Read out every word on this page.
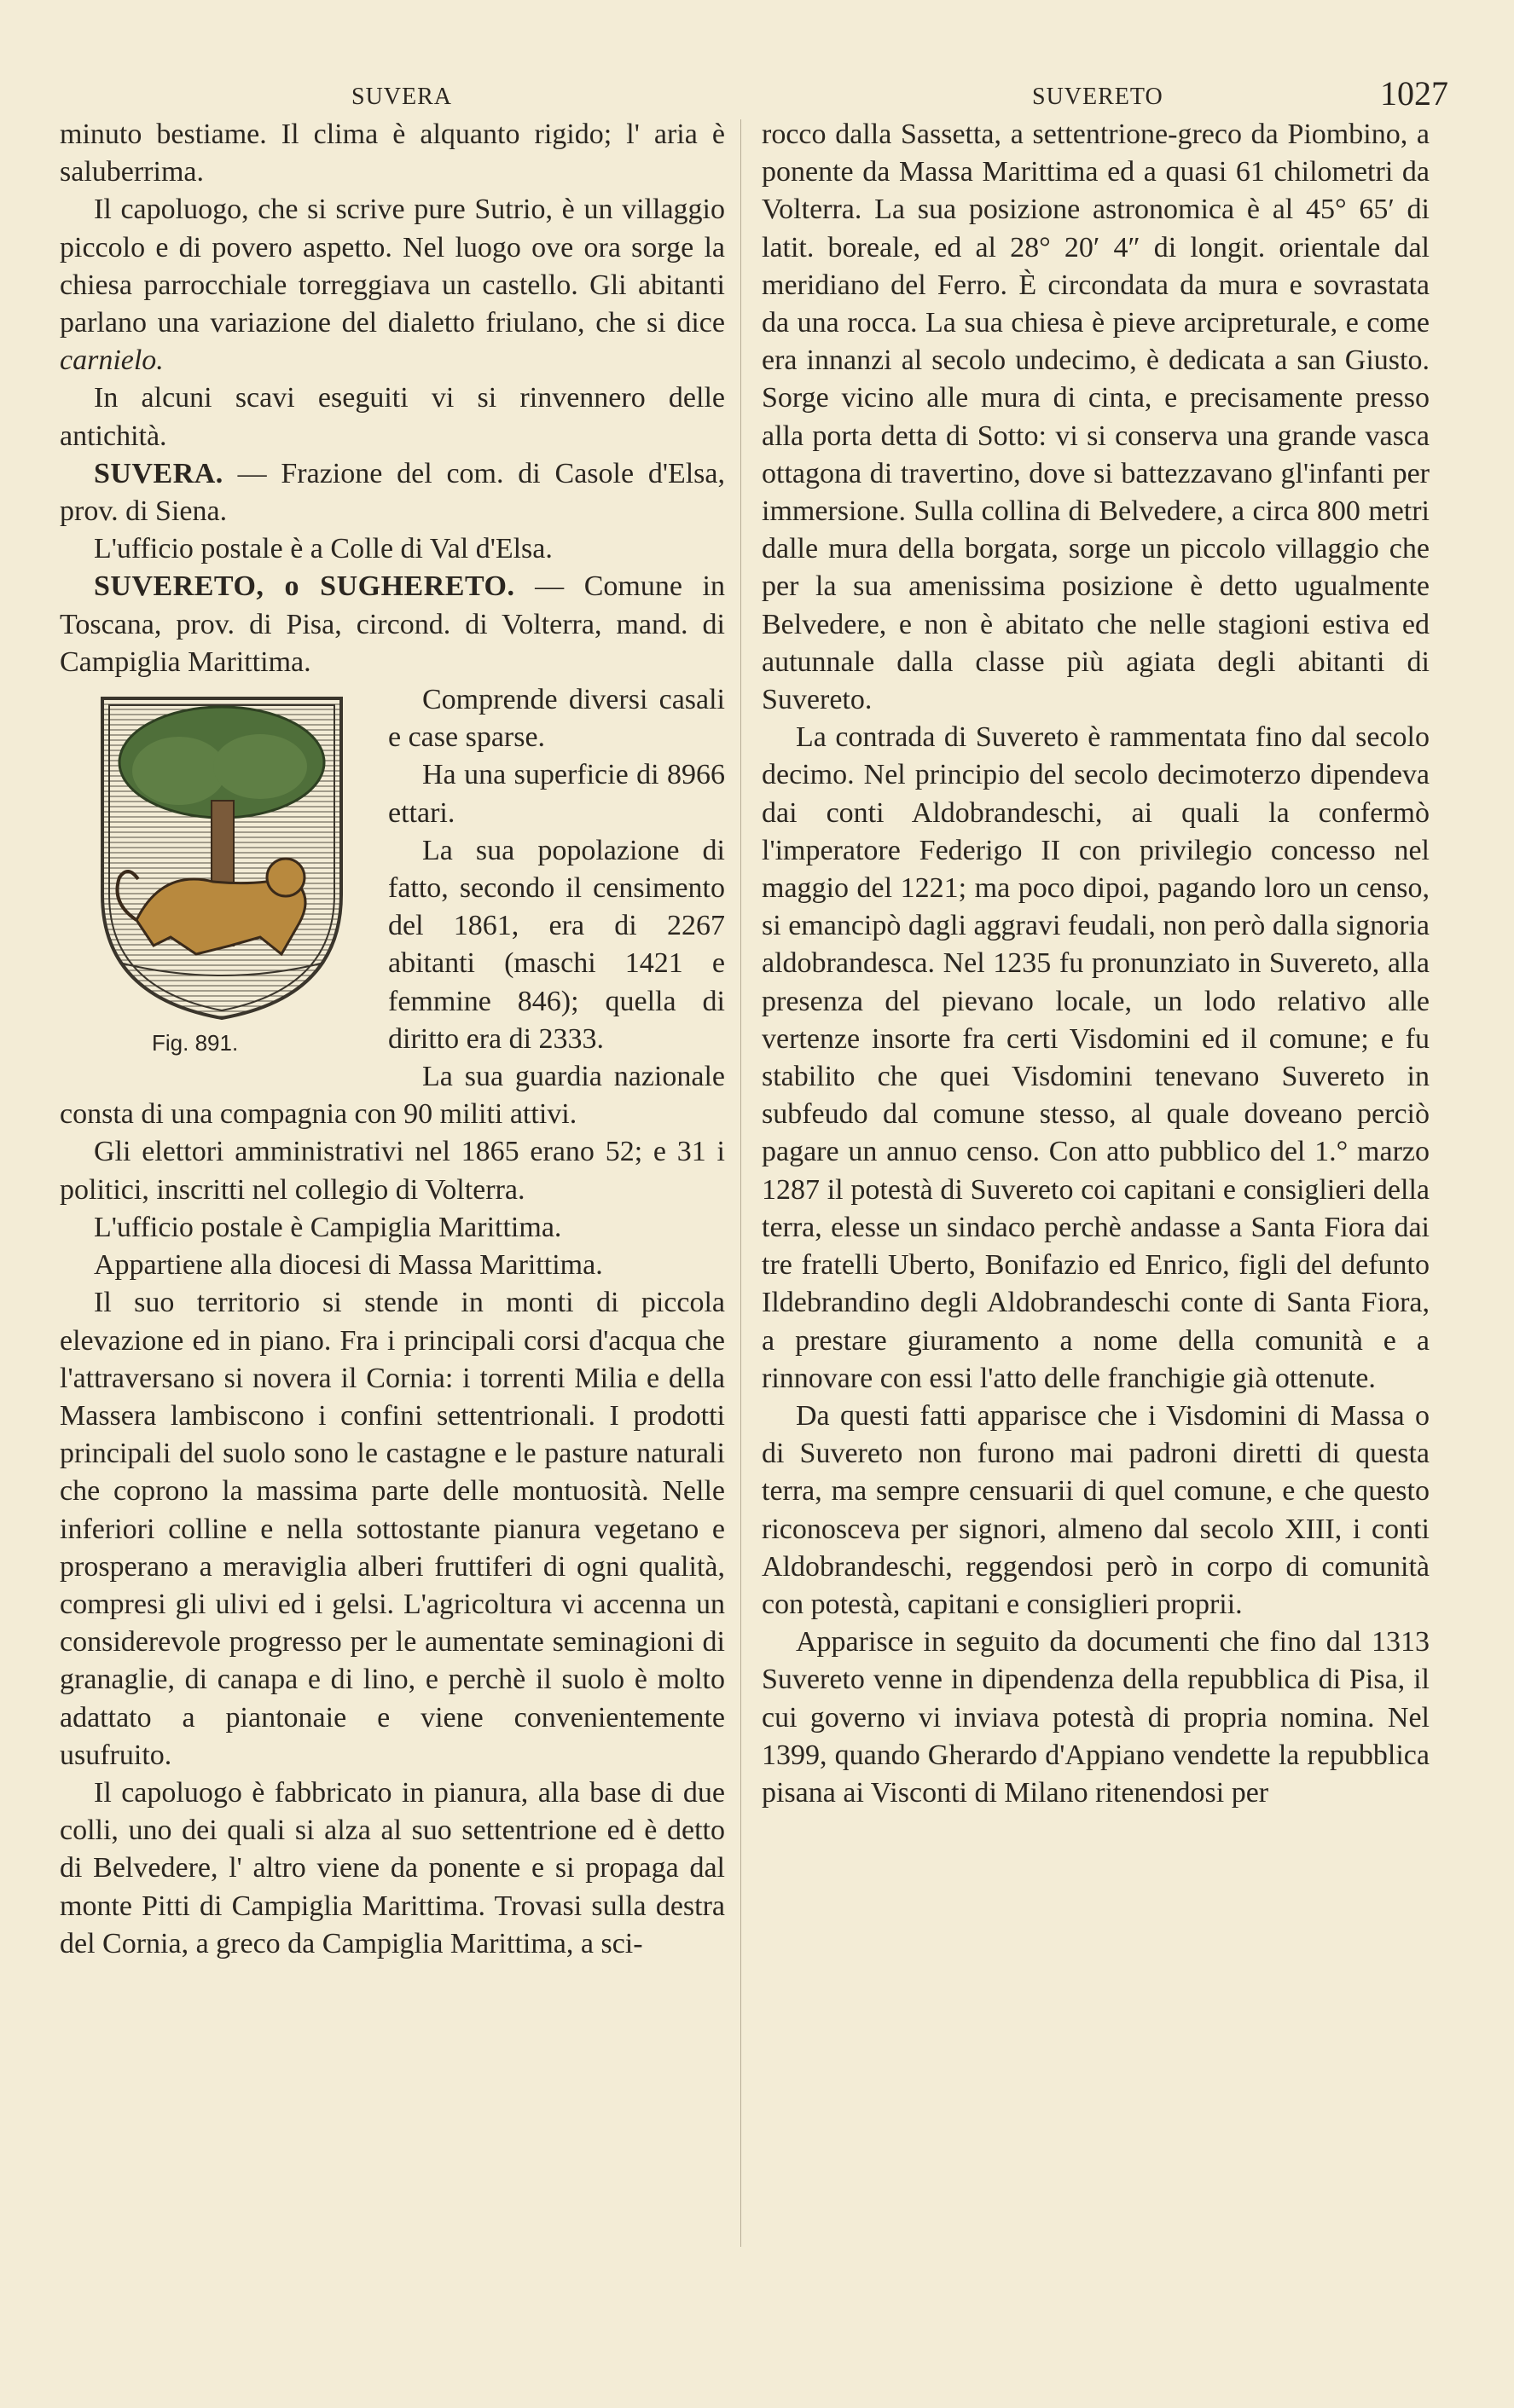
SUVERA	SUVERETO	1027

minuto bestiame. Il clima è alquanto rigido; l' aria è saluberrima.

Il capoluogo, che si scrive pure Sutrio, è un villaggio piccolo e di povero aspetto. Nel luogo ove ora sorge la chiesa parrocchiale torreggiava un castello. Gli abitanti parlano una variazione del dialetto friulano, che si dice carnielo.

In alcuni scavi eseguiti vi si rinvennero delle antichità.

SUVERA. — Frazione del com. di Casole d'Elsa, prov. di Siena.

L'ufficio postale è a Colle di Val d'Elsa.

SUVERETO, o SUGHERETO. — Comune in Toscana, prov. di Pisa, circond. di Volterra, mand. di Campiglia Marittima.

Fig. 891.

Comprende diversi casali e case sparse.

Ha una superficie di 8966 ettari.

La sua popolazione di fatto, secondo il censimento del 1861, era di 2267 abitanti (maschi 1421 e femmine 846); quella di diritto era di 2333.

La sua guardia nazionale consta di una compagnia con 90 militi attivi.

Gli elettori amministrativi nel 1865 erano 52; e 31 i politici, inscritti nel collegio di Volterra.

L'ufficio postale è Campiglia Marittima.

Appartiene alla diocesi di Massa Marittima.

Il suo territorio si stende in monti di piccola elevazione ed in piano. Fra i principali corsi d'acqua che l'attraversano si novera il Cornia: i torrenti Milia e della Massera lambiscono i confini settentrionali. I prodotti principali del suolo sono le castagne e le pasture naturali che coprono la massima parte delle montuosità. Nelle inferiori colline e nella sottostante pianura vegetano e prosperano a meraviglia alberi fruttiferi di ogni qualità, compresi gli ulivi ed i gelsi. L'agricoltura vi accenna un considerevole progresso per le aumentate seminagioni di granaglie, di canapa e di lino, e perchè il suolo è molto adattato a piantonaie e viene convenientemente usufruito.

Il capoluogo è fabbricato in pianura, alla base di due colli, uno dei quali si alza al suo settentrione ed è detto di Belvedere, l' altro viene da ponente e si propaga dal monte Pitti di Campiglia Marittima. Trovasi sulla destra del Cornia, a greco da Campiglia Marittima, a sci-

rocco dalla Sassetta, a settentrione-greco da Piombino, a ponente da Massa Marittima ed a quasi 61 chilometri da Volterra. La sua posizione astronomica è al 45° 65′ di latit. boreale, ed al 28° 20′ 4″ di longit. orientale dal meridiano del Ferro. È circondata da mura e sovrastata da una rocca. La sua chiesa è pieve arcipreturale, e come era innanzi al secolo undecimo, è dedicata a san Giusto. Sorge vicino alle mura di cinta, e precisamente presso alla porta detta di Sotto: vi si conserva una grande vasca ottagona di travertino, dove si battezzavano gl'infanti per immersione. Sulla collina di Belvedere, a circa 800 metri dalle mura della borgata, sorge un piccolo villaggio che per la sua amenissima posizione è detto ugualmente Belvedere, e non è abitato che nelle stagioni estiva ed autunnale dalla classe più agiata degli abitanti di Suvereto.

La contrada di Suvereto è rammentata fino dal secolo decimo. Nel principio del secolo decimoterzo dipendeva dai conti Aldobrandeschi, ai quali la confermò l'imperatore Federigo II con privilegio concesso nel maggio del 1221; ma poco dipoi, pagando loro un censo, si emancipò dagli aggravi feudali, non però dalla signoria aldobrandesca. Nel 1235 fu pronunziato in Suvereto, alla presenza del pievano locale, un lodo relativo alle vertenze insorte fra certi Visdomini ed il comune; e fu stabilito che quei Visdomini tenevano Suvereto in subfeudo dal comune stesso, al quale doveano perciò pagare un annuo censo. Con atto pubblico del 1.° marzo 1287 il potestà di Suvereto coi capitani e consiglieri della terra, elesse un sindaco perchè andasse a Santa Fiora dai tre fratelli Uberto, Bonifazio ed Enrico, figli del defunto Ildebrandino degli Aldobrandeschi conte di Santa Fiora, a prestare giuramento a nome della comunità e a rinnovare con essi l'atto delle franchigie già ottenute.

Da questi fatti apparisce che i Visdomini di Massa o di Suvereto non furono mai padroni diretti di questa terra, ma sempre censuarii di quel comune, e che questo riconosceva per signori, almeno dal secolo XIII, i conti Aldobrandeschi, reggendosi però in corpo di comunità con potestà, capitani e consiglieri proprii.

Apparisce in seguito da documenti che fino dal 1313 Suvereto venne in dipendenza della repubblica di Pisa, il cui governo vi inviava potestà di propria nomina. Nel 1399, quando Gherardo d'Appiano vendette la repubblica pisana ai Visconti di Milano ritenendosi per
